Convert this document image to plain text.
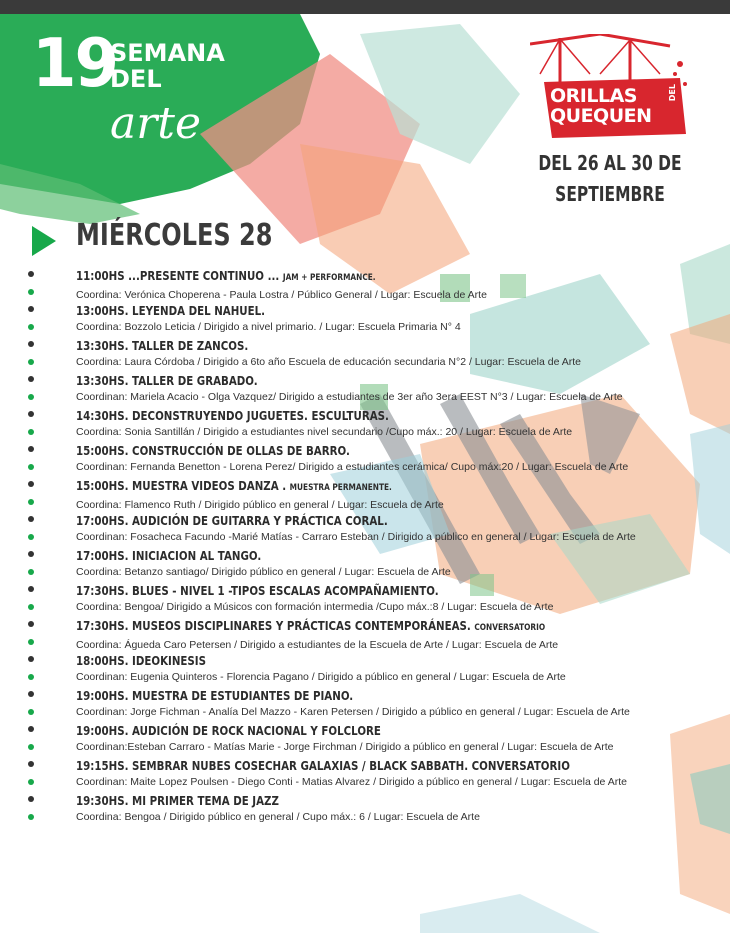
19
SEMANA
DEL
arte
ORILLAS
QUEQUEN
DEL
DEL 26 AL 30 DE
SEPTIEMBRE
MIÉRCOLES 28
11:00HS ...PRESENTE CONTINUO ... JAM + PERFORMANCE.
Coordina: Verónica Choperena - Paula Lostra / Público General / Lugar: Escuela de Arte
13:00HS. LEYENDA DEL NAHUEL.
Coordina: Bozzolo Leticia / Dirigido a nivel primario. / Lugar: Escuela Primaria N° 4
13:30HS. TALLER DE ZANCOS.
Coordina: Laura Córdoba / Dirigido a 6to año Escuela de educación secundaria N°2 / Lugar: Escuela de Arte
13:30HS. TALLER DE GRABADO.
Coordinan: Mariela Acacio - Olga Vazquez/ Dirigido a estudiantes de 3er año 3era EEST N°3 / Lugar: Escuela de Arte
14:30HS. DECONSTRUYENDO JUGUETES. ESCULTURAS.
Coordina: Sonia Santillán / Dirigido a estudiantes nivel secundario /Cupo máx.: 20 / Lugar: Escuela de Arte
15:00HS. CONSTRUCCIÓN DE OLLAS DE BARRO.
Coordinan: Fernanda Benetton - Lorena Perez/ Dirigido a estudiantes cerámica/ Cupo máx:20 / Lugar: Escuela de Arte
15:00HS. MUESTRA VIDEOS DANZA . MUESTRA PERMANENTE.
Coordina: Flamenco Ruth / Dirigido público en general / Lugar: Escuela de Arte
17:00HS. AUDICIÓN DE GUITARRA Y PRÁCTICA CORAL.
Coordinan: Fosacheca Facundo -Marié Matías - Carraro Esteban / Dirigido a público en general / Lugar: Escuela de Arte
17:00HS. INICIACION AL TANGO.
Coordina: Betanzo santiago/ Dirigido público en general / Lugar: Escuela de Arte
17:30HS. BLUES - NIVEL 1 -TIPOS ESCALAS ACOMPAÑAMIENTO.
Coordina: Bengoa/ Dirigido a Músicos con formación intermedia /Cupo máx.:8 / Lugar: Escuela de Arte
17:30HS. MUSEOS DISCIPLINARES Y PRÁCTICAS CONTEMPORÁNEAS. CONVERSATORIO
Coordina: Águeda Caro Petersen / Dirigido a estudiantes de la Escuela de Arte / Lugar: Escuela de Arte
18:00HS. IDEOKINESIS
Coordinan: Eugenia Quinteros - Florencia Pagano / Dirigido a público en general / Lugar: Escuela de Arte
19:00HS. MUESTRA DE ESTUDIANTES DE PIANO.
Coordinan: Jorge Fichman - Analía Del Mazzo - Karen Petersen / Dirigido a público en general / Lugar: Escuela de Arte
19:00HS. AUDICIÓN DE ROCK NACIONAL Y FOLCLORE
Coordinan:Esteban Carraro - Matías Marie - Jorge Firchman / Dirigido a público en general / Lugar: Escuela de Arte
19:15HS. SEMBRAR NUBES COSECHAR GALAXIAS / BLACK SABBATH. CONVERSATORIO
Coordinan: Maite Lopez Poulsen - Diego Conti - Matias Alvarez / Dirigido a público en general / Lugar: Escuela de Arte
19:30HS. MI PRIMER TEMA DE JAZZ
Coordina: Bengoa / Dirigido público en general / Cupo máx.: 6 / Lugar: Escuela de Arte
